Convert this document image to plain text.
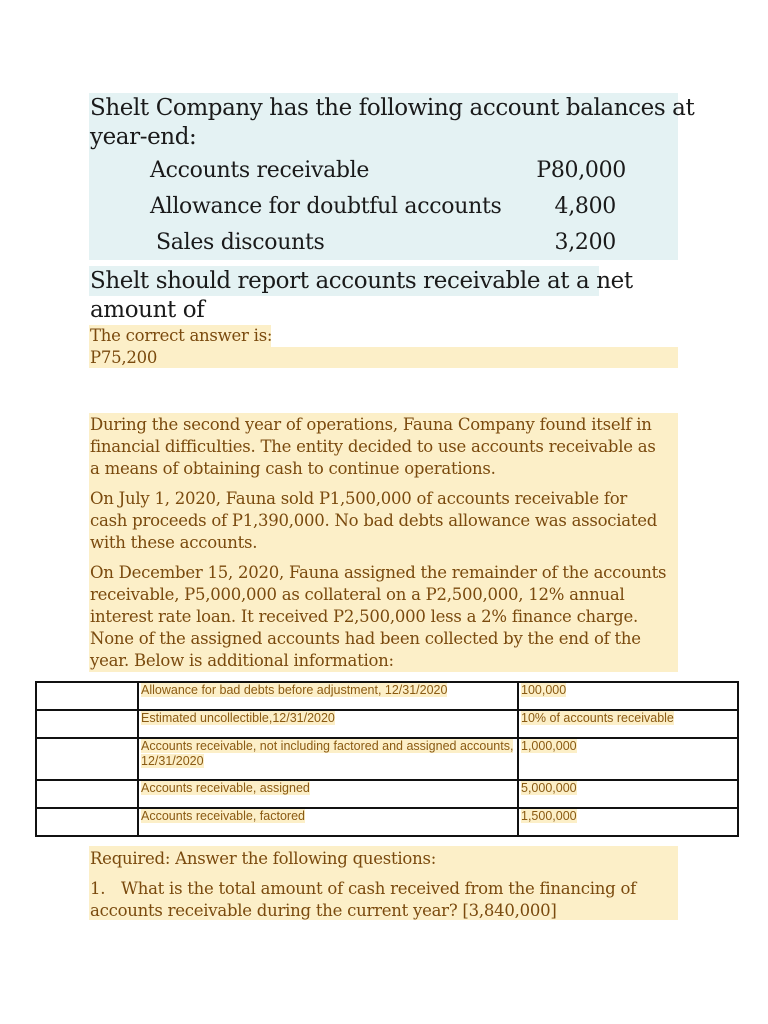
Shelt Company has the following account balances at
year-end:
Accounts receivable	P80,000
Allowance for doubtful accounts 4,800
Sales discounts	3,200
Shelt should report accounts receivable at a net
amount of
The correct answer is:
P75,200
During the second year of operations, Fauna Company found itself in
financial difficulties. The entity decided to use accounts receivable as
a means of obtaining cash to continue operations.
On July 1, 2020, Fauna sold P1,500,000 of accounts receivable for
cash proceeds of P1,390,000. No bad debts allowance was associated
with these accounts.
On December 15, 2020, Fauna assigned the remainder of the accounts
receivable, P5,000,000 as collateral on a P2,500,000, 12% annual
interest rate loan. It received P2,500,000 less a 2% finance charge.
None of the assigned accounts had been collected by the end of the
year. Below is additional information:
	Allowance for bad debts before adjustment, 12/31/2020	100,000
	Estimated uncollectible,12/31/2020	10% of accounts receivable
	Accounts receivable, not including factored and assigned accounts, 12/31/2020	1,000,000
	Accounts receivable, assigned	5,000,000
	Accounts receivable, factored	1,500,000
Required: Answer the following questions:
1. What is the total amount of cash received from the financing of
accounts receivable during the current year? [3,840,000]
